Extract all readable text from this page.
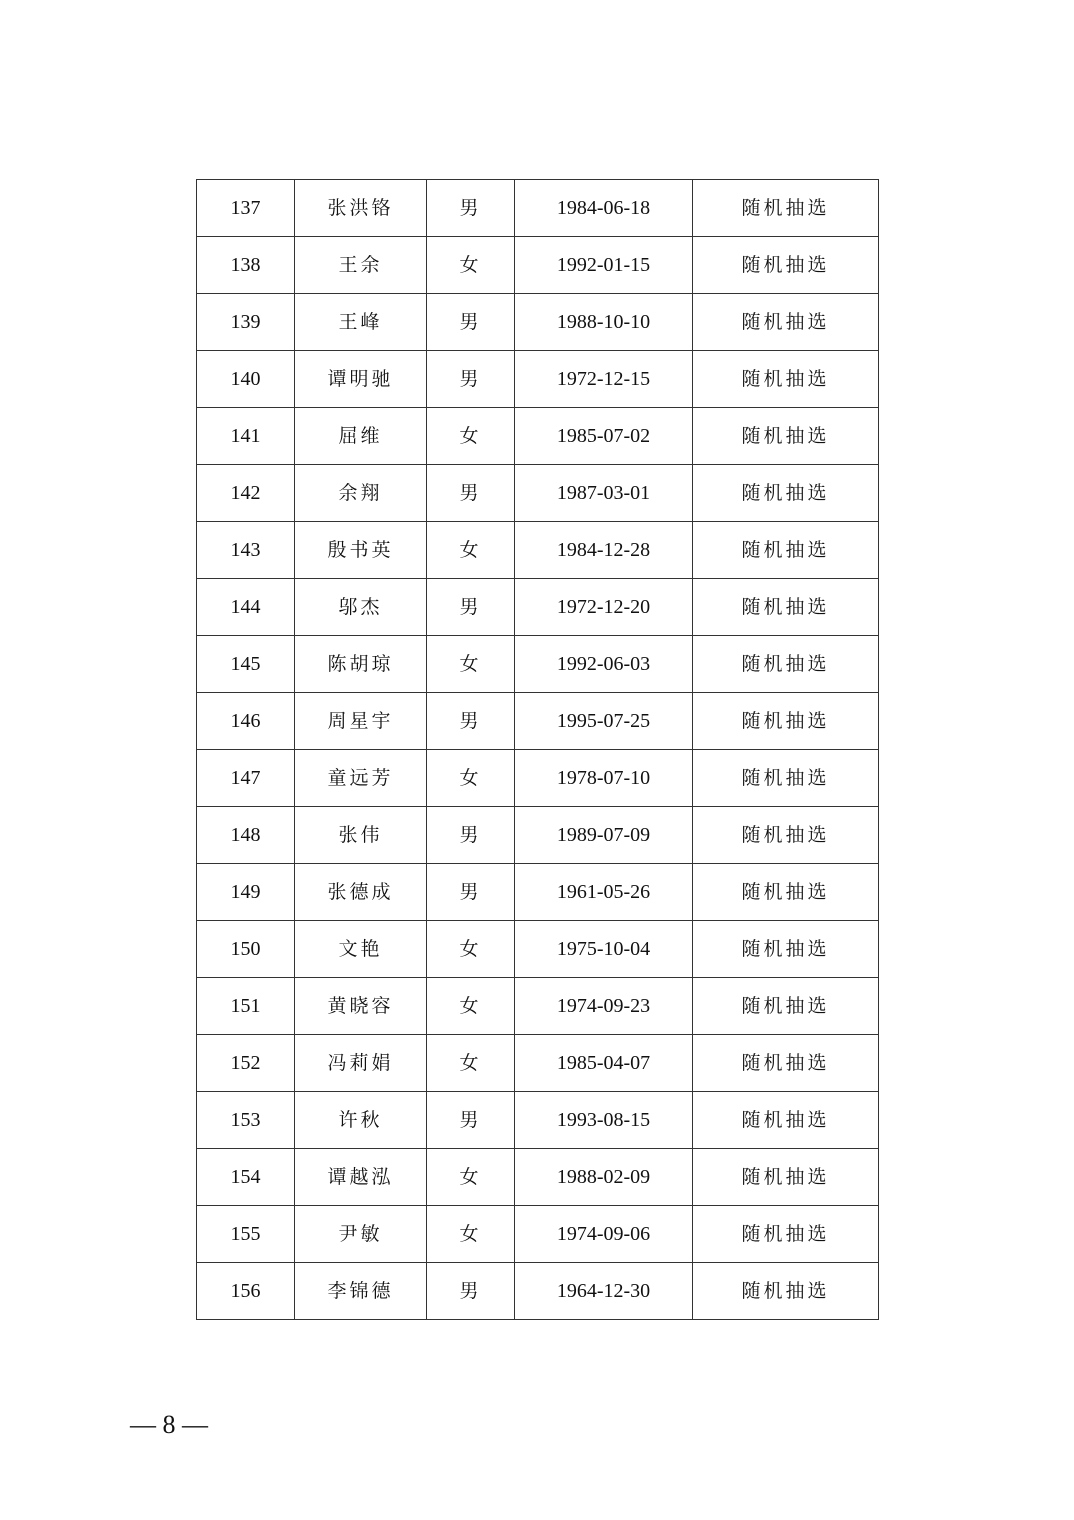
137	张洪铬	男	1984-06-18	随机抽选
138	王余	女	1992-01-15	随机抽选
139	王峰	男	1988-10-10	随机抽选
140	谭明驰	男	1972-12-15	随机抽选
141	屈维	女	1985-07-02	随机抽选
142	余翔	男	1987-03-01	随机抽选
143	殷书英	女	1984-12-28	随机抽选
144	邬杰	男	1972-12-20	随机抽选
145	陈胡琼	女	1992-06-03	随机抽选
146	周星宇	男	1995-07-25	随机抽选
147	童远芳	女	1978-07-10	随机抽选
148	张伟	男	1989-07-09	随机抽选
149	张德成	男	1961-05-26	随机抽选
150	文艳	女	1975-10-04	随机抽选
151	黄晓容	女	1974-09-23	随机抽选
152	冯莉娟	女	1985-04-07	随机抽选
153	许秋	男	1993-08-15	随机抽选
154	谭越泓	女	1988-02-09	随机抽选
155	尹敏	女	1974-09-06	随机抽选
156	李锦德	男	1964-12-30	随机抽选
— 8 —
